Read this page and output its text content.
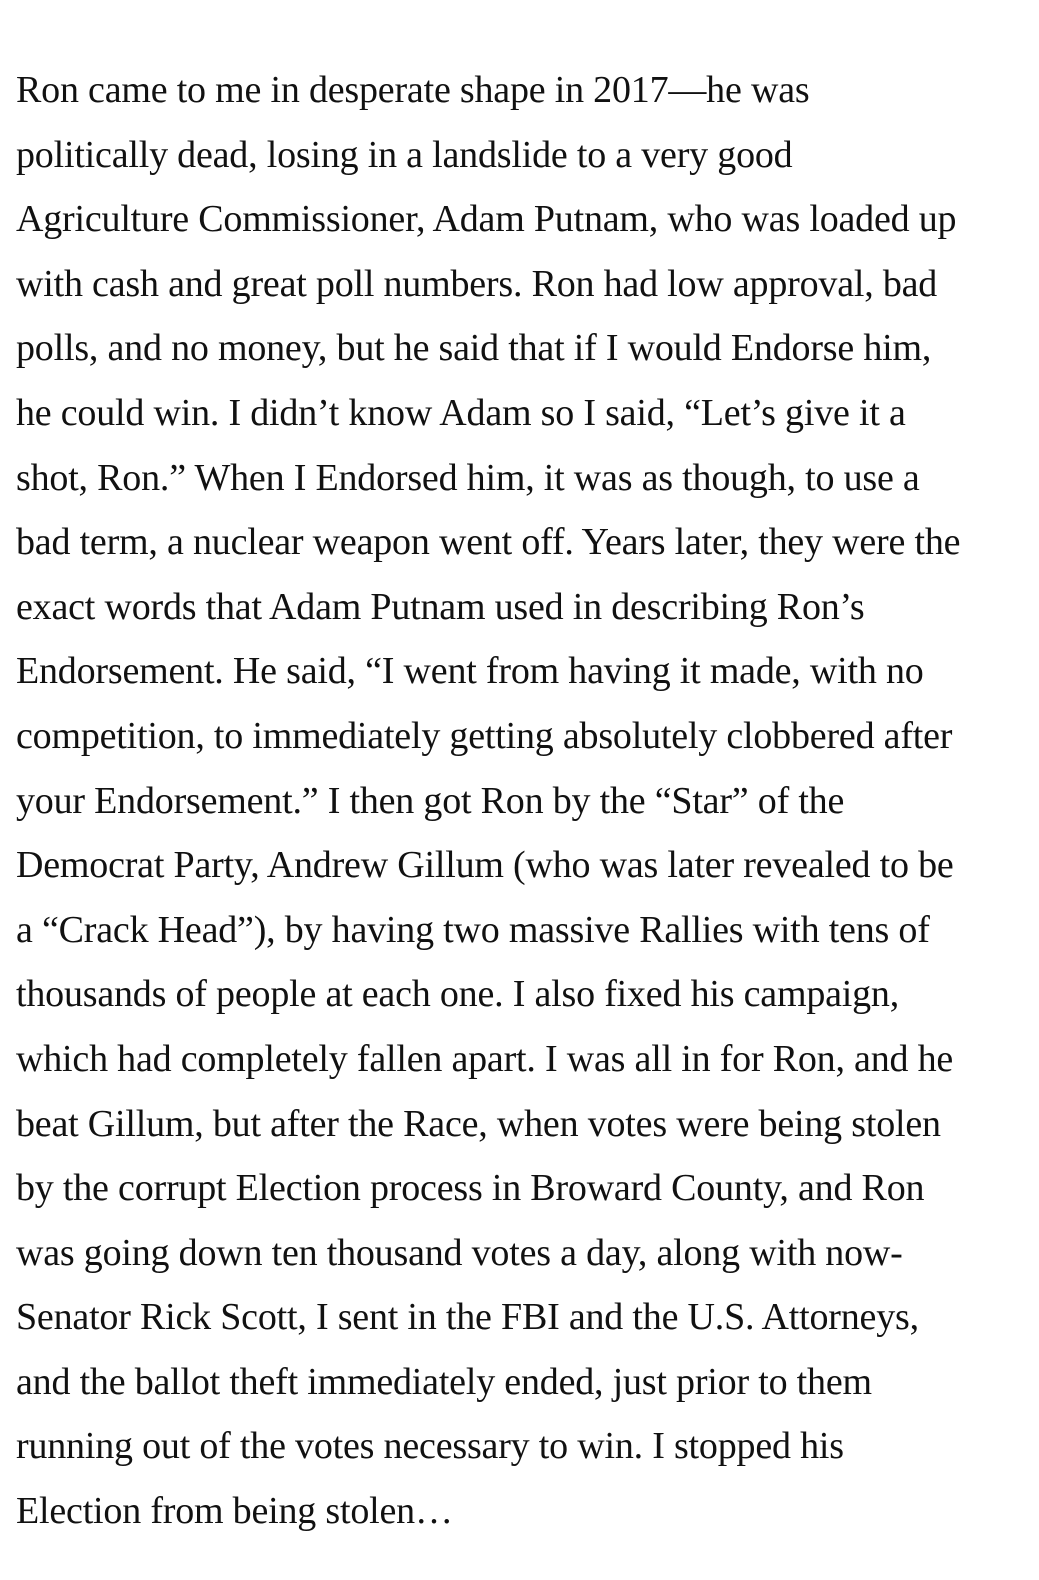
Ron came to me in desperate shape in 2017—he was
politically dead, losing in a landslide to a very good
Agriculture Commissioner, Adam Putnam, who was loaded up
with cash and great poll numbers. Ron had low approval, bad
polls, and no money, but he said that if I would Endorse him,
he could win. I didn’t know Adam so I said, “Let’s give it a
shot, Ron.” When I Endorsed him, it was as though, to use a
bad term, a nuclear weapon went off. Years later, they were the
exact words that Adam Putnam used in describing Ron’s
Endorsement. He said, “I went from having it made, with no
competition, to immediately getting absolutely clobbered after
your Endorsement.” I then got Ron by the “Star” of the
Democrat Party, Andrew Gillum (who was later revealed to be
a “Crack Head”), by having two massive Rallies with tens of
thousands of people at each one. I also fixed his campaign,
which had completely fallen apart. I was all in for Ron, and he
beat Gillum, but after the Race, when votes were being stolen
by the corrupt Election process in Broward County, and Ron
was going down ten thousand votes a day, along with now-
Senator Rick Scott, I sent in the FBI and the U.S. Attorneys,
and the ballot theft immediately ended, just prior to them
running out of the votes necessary to win. I stopped his
Election from being stolen…
